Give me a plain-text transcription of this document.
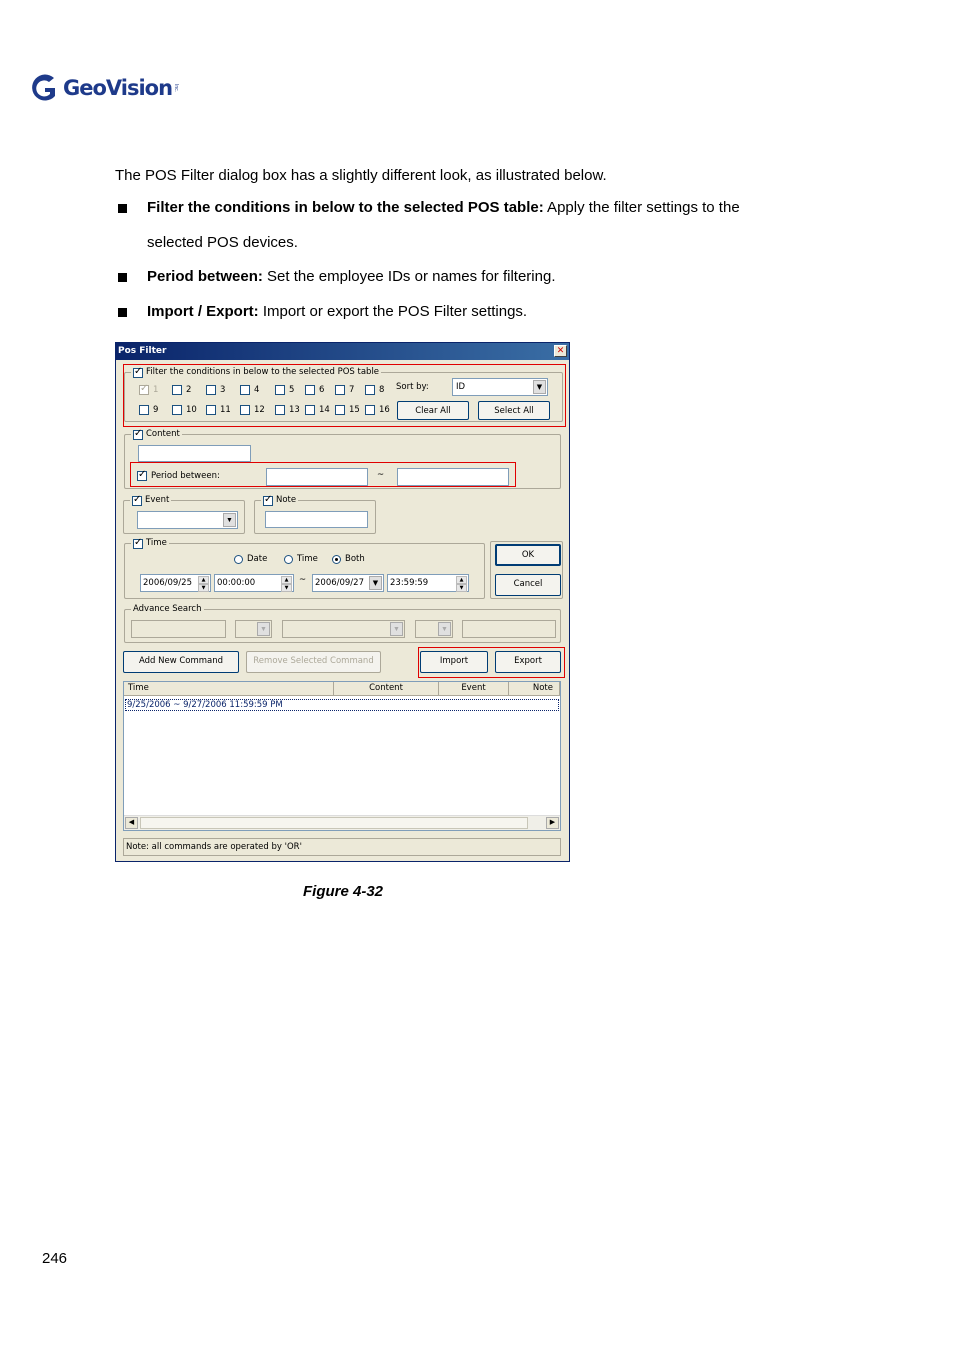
GeoVision Inc.
The POS Filter dialog box has a slightly different look, as illustrated below.
Filter the conditions in below to the selected POS table: Apply the filter settings to the
selected POS devices.
Period between: Set the employee IDs or names for filtering.
Import / Export: Import or export the POS Filter settings.
Pos Filter	✕
✓
Filter the conditions in below to the selected POS table
✓
1	2	3	4	5	6	7	8
9	10	11	12	13 14 15 16
Sort by:	ID	▼
Clear All	Select All
✓
Content
✓
Period between:	~
✓
Event
▼
✓
Note
✓
Time
Date	Time	Both
2006/09/25	▲
▼	00:00:00	▲
▼
~	2006/09/27	▼	23:59:59	▲
▼
OK
Cancel
Advance Search
▼	▼	▼
Add New Command	Remove Selected Command	Import	Export
Time	Content	Event	Note
9/25/2006 ~ 9/27/2006 11:59:59 PM
◀	▶
Note: all commands are operated by 'OR'
Figure 4-32
246
